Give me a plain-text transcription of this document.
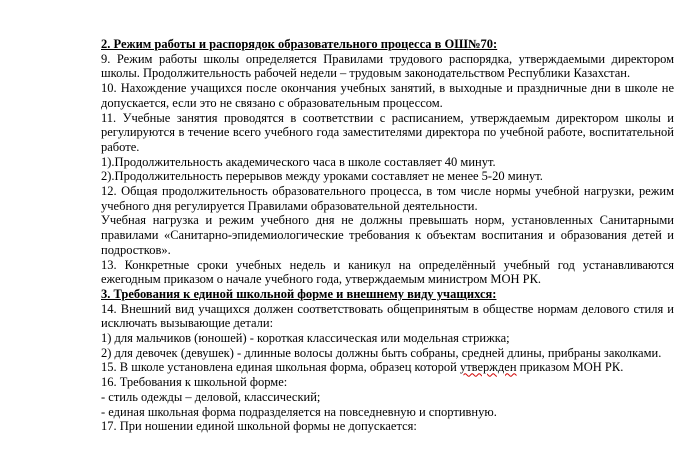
2. Режим работы и распорядок образовательного процесса в ОШ№70:

9. Режим работы школы определяется Правилами трудового распорядка, утверждаемыми директором школы. Продолжительность рабочей недели – трудовым законодательством Республики Казахстан.

10. Нахождение учащихся после окончания учебных занятий, в выходные и праздничные дни в школе не допускается, если это не связано с образовательным процессом.

11. Учебные занятия проводятся в соответствии с расписанием, утверждаемым директором школы и регулируются в течение всего учебного года заместителями директора по учебной работе, воспитательной работе.

1).Продолжительность академического часа в школе составляет 40 минут.

2).Продолжительность перерывов между уроками составляет не менее 5-20 минут.

12. Общая продолжительность образовательного процесса, в том числе нормы учебной нагрузки, режим учебного дня регулируется Правилами образовательной деятельности.

Учебная нагрузка и режим учебного дня не должны превышать норм, установленных Санитарными правилами «Санитарно-эпидемиологические требования к объектам воспитания и образования детей и подростков».

13. Конкретные сроки учебных недель и каникул на определённый учебный год устанавливаются ежегодным приказом о начале учебного года, утверждаемым министром МОН РК.

3. Требования к единой школьной форме и внешнему виду учащихся:

14. Внешний вид учащихся должен соответствовать общепринятым в обществе нормам делового стиля и исключать вызывающие детали:

1) для мальчиков (юношей) - короткая классическая или модельная стрижка;

2) для девочек (девушек) - длинные волосы должны быть собраны, средней длины, прибраны заколками.

15. В школе установлена единая школьная форма, образец которой утвержден приказом МОН РК.

16. Требования к школьной форме:

- стиль одежды – деловой, классический;

- единая школьная форма подразделяется на повседневную и спортивную.

17. При ношении единой школьной формы не допускается:
